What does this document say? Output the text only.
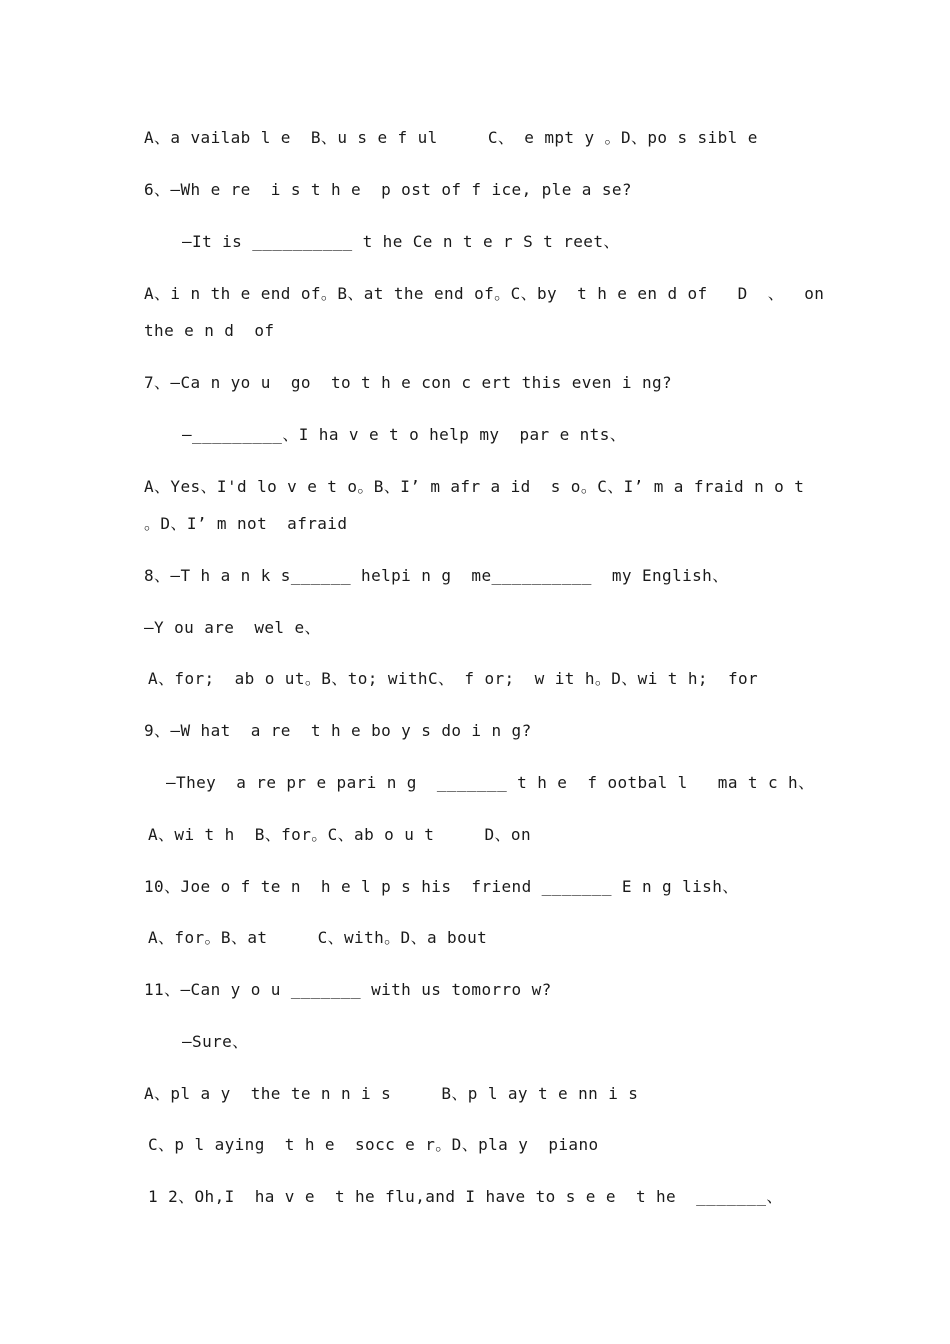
A、a vailab l e  B、u s e f ul     C、 e mpt y 。D、po s sibl e
6、—Wh e re  i s t h e  p ost of f ice, ple a se?
—It is __________ t he Ce n t e r S t reet、
A、i n th e end of。B、at the end of。C、by  t h e en d of   D  、  on
the e n d  of
7、—Ca n yo u  go  to t h e con c ert this even i ng?
—_________、I ha v e t o help my  par e nts、
A、Yes、I'd lo v e t o。B、I’ m afr a id  s o。C、I’ m a fraid n o t
。D、I’ m not  afraid
8、—T h a n k s______ helpi n g  me__________  my English、
—Y ou are  wel e、
A、for;  ab o ut。B、to; withC、 f or;  w it h。D、wi t h;  for
9、—W hat  a re  t h e bo y s do i n g?
—They  a re pr e pari n g  _______ t h e  f ootbal l   ma t c h、
A、wi t h  B、for。C、ab o u t     D、on
10、Joe o f te n  h e l p s his  friend _______ E n g lish、
A、for。B、at     C、with。D、a bout
11、—Can y o u _______ with us tomorro w?
—Sure、
A、pl a y  the te n n i s     B、p l ay t e nn i s
C、p l aying  t h e  socc e r。D、pla y  piano
1 2、Oh,I  ha v e  t he flu,and I have to s e e  t he  _______、
